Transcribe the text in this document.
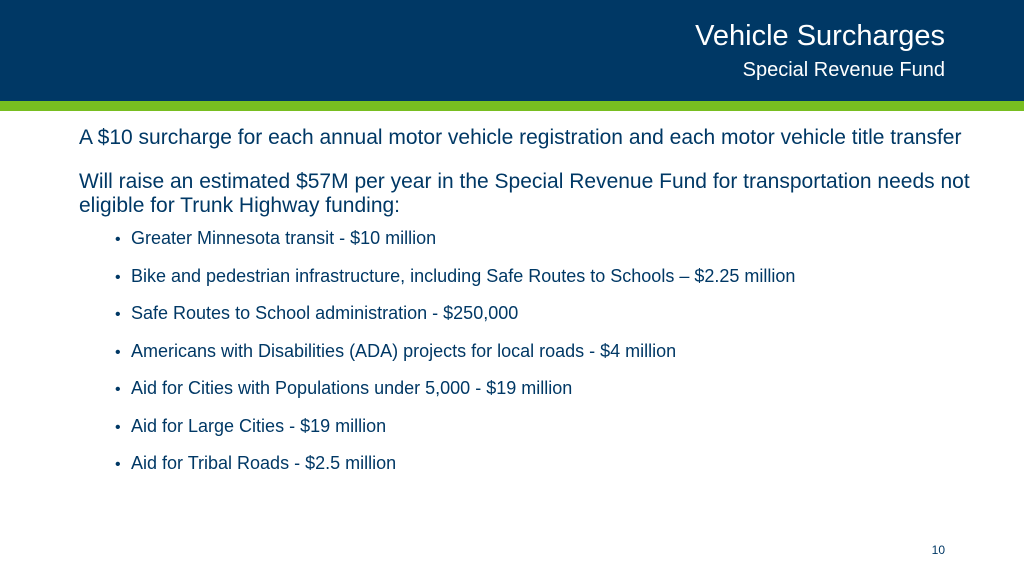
Vehicle Surcharges
Special Revenue Fund

A $10 surcharge for each annual motor vehicle registration and each motor vehicle title transfer

Will raise an estimated $57M per year in the Special Revenue Fund for transportation needs not eligible for Trunk Highway funding:

• Greater Minnesota transit - $10 million
• Bike and pedestrian infrastructure, including Safe Routes to Schools – $2.25 million
• Safe Routes to School administration - $250,000
• Americans with Disabilities (ADA) projects for local roads - $4 million
• Aid for Cities with Populations under 5,000 - $19 million
• Aid for Large Cities - $19 million
• Aid for Tribal Roads - $2.5 million
10
